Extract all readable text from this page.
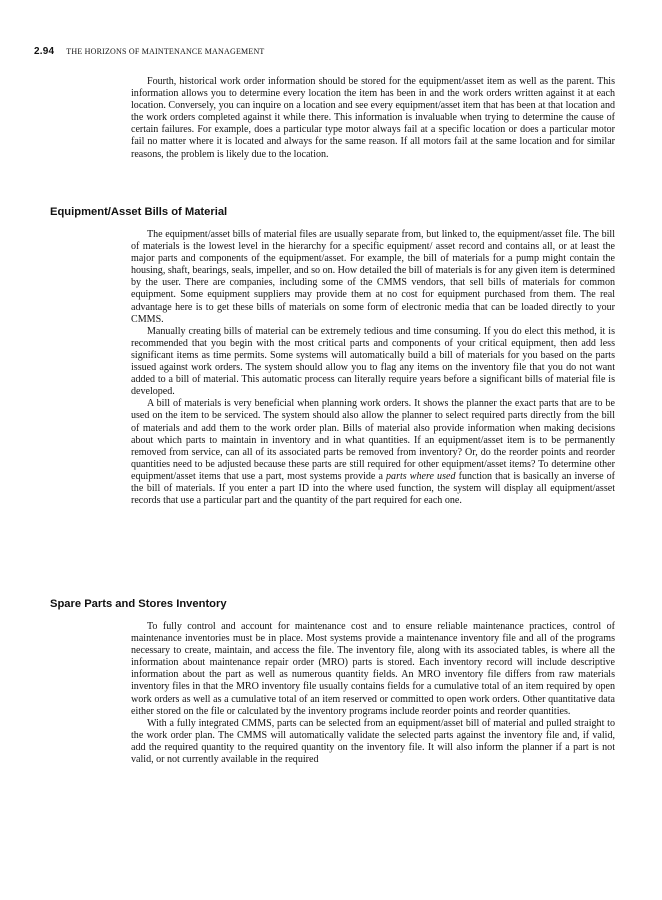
2.94 THE HORIZONS OF MAINTENANCE MANAGEMENT

Fourth, historical work order information should be stored for the equipment/asset item as well as the parent. This information allows you to determine every location the item has been in and the work orders written against it at each location. Conversely, you can inquire on a location and see every equipment/asset item that has been at that location and the work orders completed against it while there. This information is invaluable when trying to determine the cause of certain failures. For example, does a particular type motor always fail at a specific location or does a particular motor fail no matter where it is located and always for the same reason. If all motors fail at the same location and for similar reasons, the problem is likely due to the location.

Equipment/Asset Bills of Material

The equipment/asset bills of material files are usually separate from, but linked to, the equipment/asset file. The bill of materials is the lowest level in the hierarchy for a specific equipment/ asset record and contains all, or at least the major parts and components of the equipment/asset. For example, the bill of materials for a pump might contain the housing, shaft, bearings, seals, impeller, and so on. How detailed the bill of materials is for any given item is determined by the user. There are companies, including some of the CMMS vendors, that sell bills of materials for common equipment. Some equipment suppliers may provide them at no cost for equipment purchased from them. The real advantage here is to get these bills of materials on some form of electronic media that can be loaded directly to your CMMS.

Manually creating bills of material can be extremely tedious and time consuming. If you do elect this method, it is recommended that you begin with the most critical parts and components of your critical equipment, then add less significant items as time permits. Some systems will automatically build a bill of materials for you based on the parts issued against work orders. The system should allow you to flag any items on the inventory file that you do not want added to a bill of material. This automatic process can literally require years before a significant bills of material file is developed.

A bill of materials is very beneficial when planning work orders. It shows the planner the exact parts that are to be used on the item to be serviced. The system should also allow the planner to select required parts directly from the bill of materials and add them to the work order plan. Bills of material also provide information when making decisions about which parts to maintain in inventory and in what quantities. If an equipment/asset item is to be permanently removed from service, can all of its associated parts be removed from inventory? Or, do the reorder points and reorder quantities need to be adjusted because these parts are still required for other equipment/asset items? To determine other equipment/asset items that use a part, most systems provide a parts where used function that is basically an inverse of the bill of materials. If you enter a part ID into the where used function, the system will display all equipment/asset records that use a particular part and the quantity of the part required for each one.

Spare Parts and Stores Inventory

To fully control and account for maintenance cost and to ensure reliable maintenance practices, control of maintenance inventories must be in place. Most systems provide a maintenance inventory file and all of the programs necessary to create, maintain, and access the file. The inventory file, along with its associated tables, is where all the information about maintenance repair order (MRO) parts is stored. Each inventory record will include descriptive information about the part as well as numerous quantity fields. An MRO inventory file differs from raw materials inventory files in that the MRO inventory file usually contains fields for a cumulative total of an item required by open work orders as well as a cumulative total of an item reserved or committed to open work orders. Other quantitative data either stored on the file or calculated by the inventory programs include reorder points and reorder quantities.

With a fully integrated CMMS, parts can be selected from an equipment/asset bill of material and pulled straight to the work order plan. The CMMS will automatically validate the selected parts against the inventory file and, if valid, add the required quantity to the required quantity on the inventory file. It will also inform the planner if a part is not valid, or not currently available in the required
